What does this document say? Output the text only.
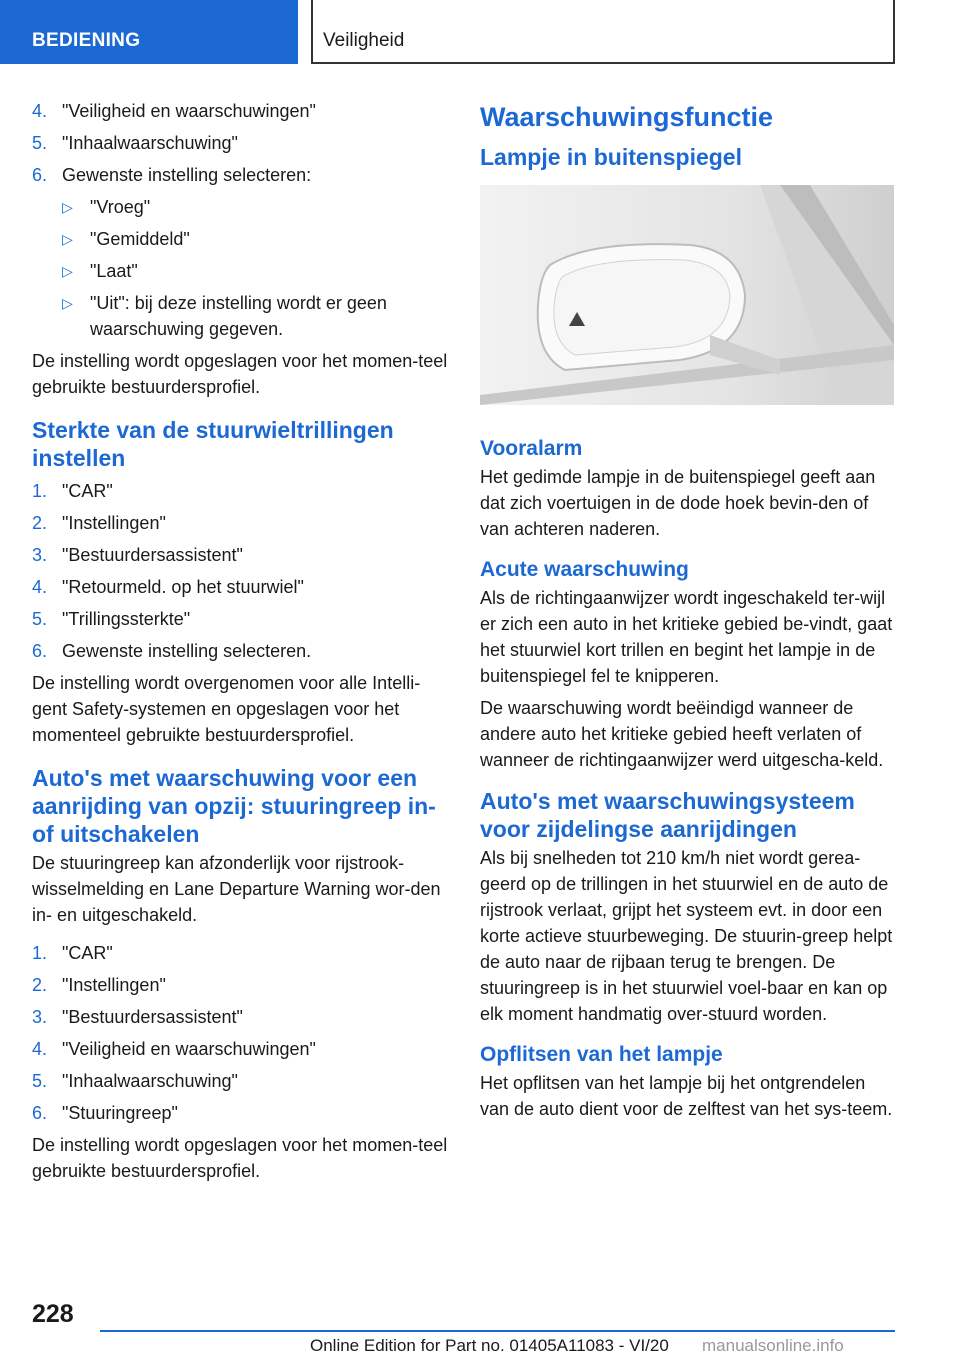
BEDIENING	Veiligheid
4. "Veiligheid en waarschuwingen"
5. "Inhaalwaarschuwing"
6. Gewenste instelling selecteren:
▷ "Vroeg"
▷ "Gemiddeld"
▷ "Laat"
▷ "Uit": bij deze instelling wordt er geen waarschuwing gegeven.

De instelling wordt opgeslagen voor het momen-teel gebruikte bestuurdersprofiel.

Sterkte van de stuurwieltrillingen instellen
1. "CAR"
2. "Instellingen"
3. "Bestuurdersassistent"
4. "Retourmeld. op het stuurwiel"
5. "Trillingssterkte"
6. Gewenste instelling selecteren.

De instelling wordt overgenomen voor alle Intelli-gent Safety-systemen en opgeslagen voor het momenteel gebruikte bestuurdersprofiel.

Auto's met waarschuwing voor een aanrijding van opzij: stuuringreep in- of uitschakelen

De stuuringreep kan afzonderlijk voor rijstrook-wisselmelding en Lane Departure Warning wor-den in- en uitgeschakeld.

1. "CAR"
2. "Instellingen"
3. "Bestuurdersassistent"
4. "Veiligheid en waarschuwingen"
5. "Inhaalwaarschuwing"
6. "Stuuringreep"

De instelling wordt opgeslagen voor het momen-teel gebruikte bestuurdersprofiel.

Waarschuwingsfunctie
Lampje in buitenspiegel
Vooralarm

Het gedimde lampje in de buitenspiegel geeft aan dat zich voertuigen in de dode hoek bevin-den of van achteren naderen.

Acute waarschuwing

Als de richtingaanwijzer wordt ingeschakeld ter-wijl er zich een auto in het kritieke gebied be-vindt, gaat het stuurwiel kort trillen en begint het lampje in de buitenspiegel fel te knipperen.

De waarschuwing wordt beëindigd wanneer de andere auto het kritieke gebied heeft verlaten of wanneer de richtingaanwijzer werd uitgescha-keld.

Auto's met waarschuwingsysteem voor zijdelingse aanrijdingen

Als bij snelheden tot 210 km/h niet wordt gerea-geerd op de trillingen in het stuurwiel en de auto de rijstrook verlaat, grijpt het systeem evt. in door een korte actieve stuurbeweging. De stuurin-greep helpt de auto naar de rijbaan terug te brengen. De stuuringreep is in het stuurwiel voel-baar en kan op elk moment handmatig over-stuurd worden.

Opflitsen van het lampje

Het opflitsen van het lampje bij het ontgrendelen van de auto dient voor de zelftest van het sys-teem.

228
Online Edition for Part no. 01405A11083 - VI/20 manualsonline.info
